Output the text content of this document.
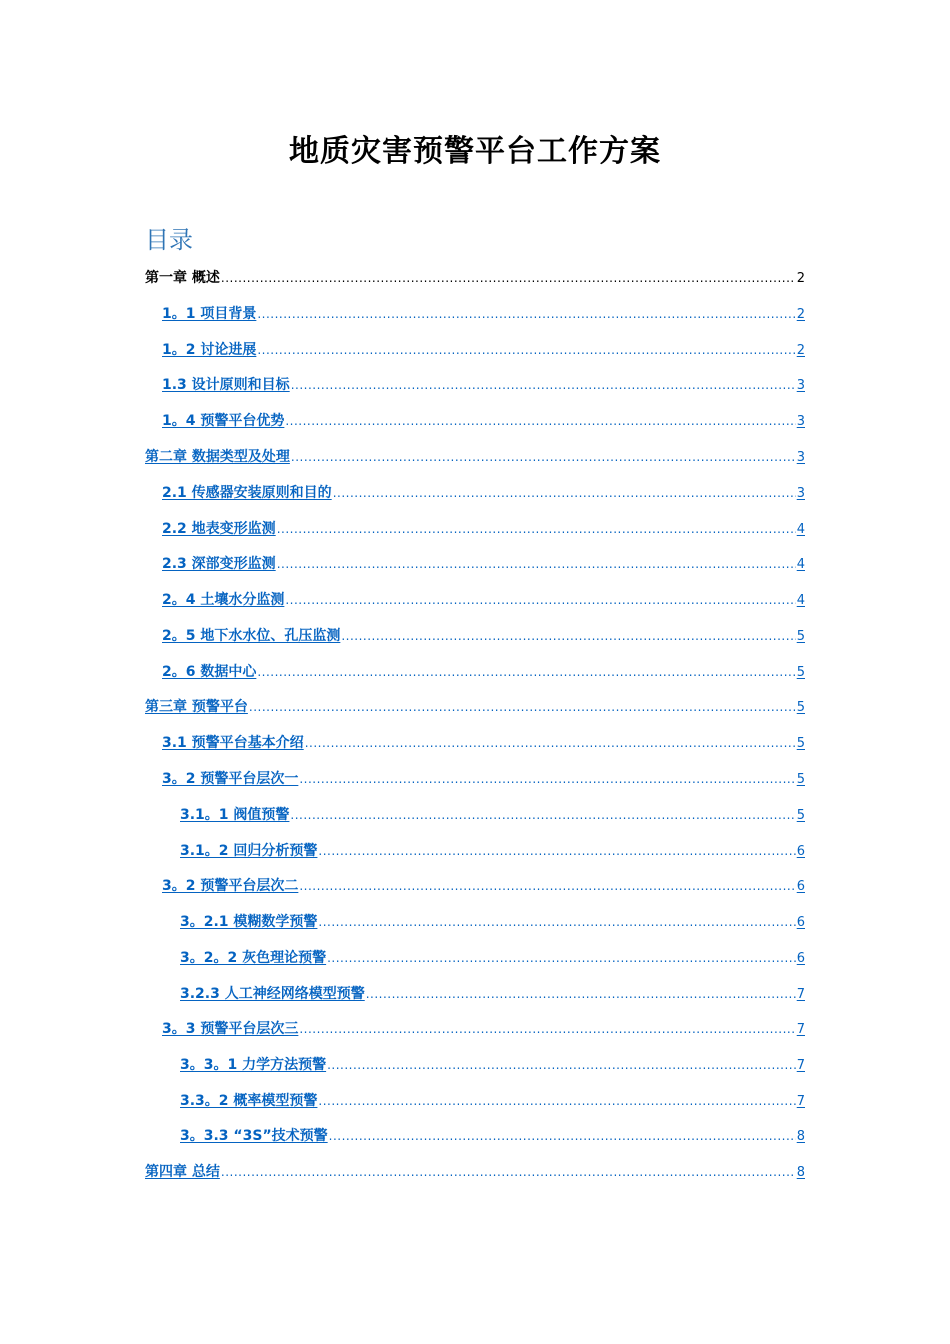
地质灾害预警平台工作方案
目录
第一章 概述 .....	2
1。1 项目背景 .....	2
1。2 讨论进展 .....	2
1.3 设计原则和目标 .....	3
1。4 预警平台优势 .....	3
第二章 数据类型及处理 .....	3
2.1 传感器安装原则和目的 .....	3
2.2 地表变形监测 .....	4
2.3 深部变形监测 .....	4
2。4 土壤水分监测 .....	4
2。5 地下水水位、孔压监测 .....	5
2。6 数据中心 .....	5
第三章 预警平台 .....	5
3.1 预警平台基本介绍 .....	5
3。2 预警平台层次一 .....	5
3.1。1 阀值预警 .....	5
3.1。2 回归分析预警 .....	6
3。2 预警平台层次二 .....	6
3。2.1 模糊数学预警 .....	6
3。2。2 灰色理论预警 .....	6
3.2.3 人工神经网络模型预警 .....	7
3。3 预警平台层次三 .....	7
3。3。1 力学方法预警 .....	7
3.3。2 概率模型预警 .....	7
3。3.3 “3S”技术预警 .....	8
第四章 总结 .....	8
